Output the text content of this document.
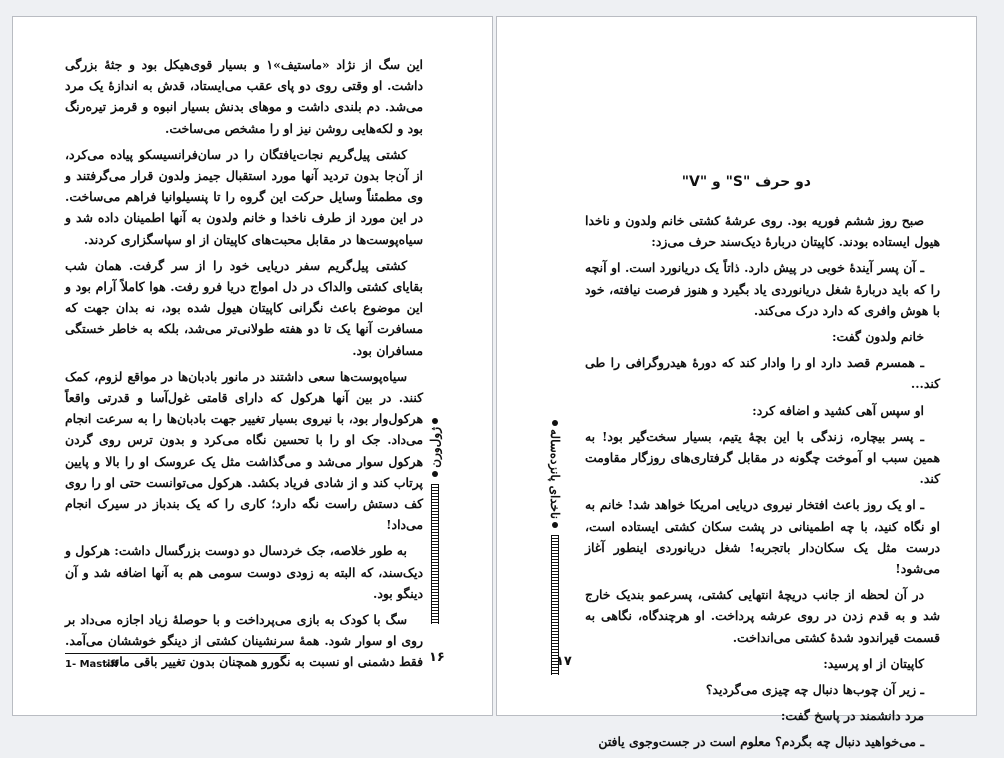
این سگ از نژاد «ماستیف»۱ و بسیار قوی‌هیکل بود و جثهٔ بزرگی داشت. او وقتی روی دو پای عقب می‌ایستاد، قدش به اندازهٔ یک مرد می‌شد. دم بلندی داشت و موهای بدنش بسیار انبوه و قرمز تیره‌رنگ بود و لکه‌هایی روشن نیز او را مشخص می‌ساخت.

کشتی پیل‌گریم نجات‌یافتگان را در سان‌فرانسیسکو پیاده می‌کرد، از آن‌جا بدون تردید آنها مورد استقبال جیمز ولدون قرار می‌گرفتند و وی مطمئناً وسایل حرکت این گروه را تا پنسیلوانیا فراهم می‌ساخت. در این مورد از طرف ناخدا و خانم ولدون به آنها اطمینان داده شد و سیاه‌پوست‌ها در مقابل محبت‌های کاپیتان از او سپاسگزاری کردند.

کشتی پیل‌گریم سفر دریایی خود را از سر گرفت. همان شب بقایای کشتی والداک در دل امواج دریا فرو رفت. هوا کاملاً آرام بود و این موضوع باعث نگرانی کاپیتان هیول شده بود، نه بدان جهت که مسافرت آنها یک تا دو هفته طولانی‌تر می‌شد، بلکه به خاطر خستگی مسافران بود.

سیاه‌پوست‌ها سعی داشتند در مانور بادبان‌ها در مواقع لزوم، کمک کنند. در بین آنها هرکول که دارای قامتی غول‌آسا و قدرتی واقعاً هرکول‌وار بود، با نیروی بسیار تغییر جهت بادبان‌ها را به سرعت انجام می‌داد. جک او را با تحسین نگاه می‌کرد و بدون ترس روی گردن هرکول سوار می‌شد و می‌گذاشت مثل یک عروسک او را بالا و پایین پرتاب کند و از شادی فریاد بکشد. هرکول می‌توانست حتی او را روی کف دستش راست نگه دارد؛ کاری را که یک بندباز در سیرک انجام می‌داد!

به طور خلاصه، جک خردسال دو دوست بزرگسال داشت: هرکول و دیک‌سند، که البته به زودی دوست سومی هم به آنها اضافه شد و آن دینگو بود.

سگ با کودک به بازی می‌پرداخت و با حوصلهٔ زیاد اجازه می‌داد بر روی او سوار شود. همهٔ سرنشینان کشتی از دینگو خوششان می‌آمد. فقط دشمنی او نسبت به نگورو همچنان بدون تغییر باقی ماند.

ژول‌ورن
1- Mastiff	۱۶
دو حرف "S" و "V"

صبح روز ششم فوریه بود. روی عرشهٔ کشتی خانم ولدون و ناخدا هیول ایستاده بودند. کاپیتان دربارهٔ دیک‌سند حرف می‌زد:

ـ آن پسر آیندهٔ خوبی در پیش دارد. ذاتاً یک دریانورد است. او آنچه را که باید دربارهٔ شغل دریانوردی یاد بگیرد و هنوز فرصت نیافته، خود با هوش وافری که دارد درک می‌کند.

خانم ولدون گفت:

ـ همسرم قصد دارد او را وادار کند که دورهٔ هیدروگرافی را طی کند...

او سپس آهی کشید و اضافه کرد:

ـ پسر بیچاره، زندگی با این بچهٔ یتیم، بسیار سخت‌گیر بود! به همین سبب او آموخت چگونه در مقابل گرفتاری‌های روزگار مقاومت کند.

ـ او یک روز باعث افتخار نیروی دریایی امریکا خواهد شد! خانم به او نگاه کنید، با چه اطمینانی در پشت سکان کشتی ایستاده است، درست مثل یک سکان‌دار باتجربه! شغل دریانوردی اینطور آغاز می‌شود!

در آن لحظه از جانب دریچهٔ انتهایی کشتی، پسرعمو بندیک خارج شد و به قدم زدن در روی عرشه پرداخت. او هرچندگاه، نگاهی به قسمت قیراندود شدهٔ کشتی می‌انداخت.

کاپیتان از او پرسید:

ـ زیر آن چوب‌ها دنبال چه چیزی می‌گردید؟

مرد دانشمند در پاسخ گفت:

ـ می‌خواهید دنبال چه بگردم؟ معلوم است در جست‌وجوی یافتن

ناخدای پانزده‌ساله
۱۷
